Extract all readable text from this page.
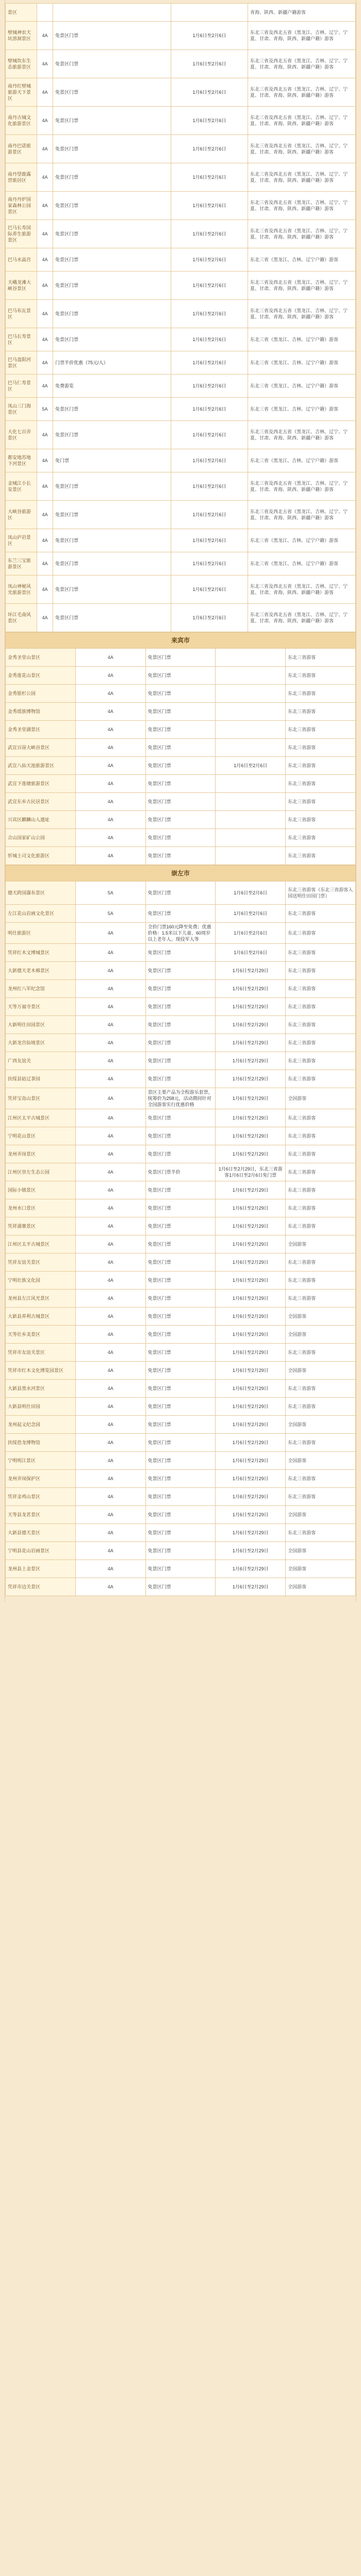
景区				青海、陕西、新疆户籍游客
壁城神农天坑溶洞景区	4A	免景区门票	1月6日至2月6日	东北三省及西北五省（黑龙江、吉林、辽宁、宁夏、甘肃、青海、陕西、新疆户籍）游客
壁城坎东生态旅游景区	4A	免景区门票	1月6日至2月6日	东北三省及西北五省（黑龙江、吉林、辽宁、宁夏、甘肃、青海、陕西、新疆户籍）游客
南丹红壁城旅游天下景区	4A	免景区门票	1月6日至2月6日	东北三省及西北五省（黑龙江、吉林、辽宁、宁夏、甘肃、青海、陕西、新疆户籍）游客
南丹古城文化旅游景区	4A	免景区门票	1月6日至2月6日	东北三省及西北五省（黑龙江、吉林、辽宁、宁夏、甘肃、青海、陕西、新疆户籍）游客
南丹巴诺旅游景区	4A	免景区门票	1月6日至2月6日	东北三省及西北五省（黑龙江、吉林、辽宁、宁夏、甘肃、青海、陕西、新疆户籍）游客
南丹望鹿露营旅居区	4A	免景区门票	1月6日至2月6日	东北三省及西北五省（黑龙江、吉林、辽宁、宁夏、甘肃、青海、陕西、新疆户籍）游客
南丹丹炉国家森林公园景区	4A	免景区门票	1月6日至2月6日	东北三省及西北五省（黑龙江、吉林、辽宁、宁夏、甘肃、青海、陕西、新疆户籍）游客
巴马长寿国际养生旅游景区	4A	免景区门票	1月6日至2月6日	东北三省及西北五省（黑龙江、吉林、辽宁、宁夏、甘肃、青海、陕西、新疆户籍）游客
巴马水晶宫	4A	免景区门票	1月6日至2月6日	东北三省（黑龙江、吉林、辽宁户籍）游客
天峨龙滩大峡谷景区	4A	免景区门票	1月6日至2月6日	东北三省及西北五省（黑龙江、吉林、辽宁、宁夏、甘肃、青海、陕西、新疆户籍）游客
巴马布瓦景区	4A	免景区门票	1月6日至2月6日	东北三省及西北五省（黑龙江、吉林、辽宁、宁夏、甘肃、青海、陕西、新疆户籍）游客
巴马长寿景区	4A	免景区门票	1月6日至2月6日	东北三省（黑龙江、吉林、辽宁户籍）游客
巴马盘阳河景区	4A	门票半价优惠（75元/人）	1月6日至2月6日	东北三省（黑龙江、吉林、辽宁户籍）游客
巴马仁寿景区	4A	免费游览	1月6日至2月6日	东北三省（黑龙江、吉林、辽宁户籍）游客
凤山三门海景区	5A	免景区门票	1月6日至2月6日	东北三省（黑龙江、吉林、辽宁户籍）游客
大化七百弄景区	4A	免景区门票	1月6日至2月6日	东北三省及西北五省（黑龙江、吉林、辽宁、宁夏、甘肃、青海、陕西、新疆户籍）游客
都安地苏地下河景区	4A	免门票	1月6日至2月6日	东北三省（黑龙江、吉林、辽宁户籍）游客
金城江小长安景区	4A	免景区门票	1月6日至2月6日	东北三省及西北五省（黑龙江、吉林、辽宁、宁夏、甘肃、青海、陕西、新疆户籍）游客
大峡谷旅游区	4A	免景区门票	1月6日至2月6日	东北三省及西北五省（黑龙江、吉林、辽宁、宁夏、甘肃、青海、陕西、新疆户籍）游客
凤山庐岩景区	4A	免景区门票	1月6日至2月6日	东北三省（黑龙江、吉林、辽宁户籍）游客
东兰三宝旅游景区	4A	免景区门票	1月6日至2月6日	东北三省（黑龙江、吉林、辽宁户籍）游客
凤山神秘风光旅游景区	4A	免景区门票	1月6日至2月6日	东北三省及西北五省（黑龙江、吉林、辽宁、宁夏、甘肃、青海、陕西、新疆户籍）游客
环江毛南风景区	4A	免景区门票	1月6日至2月6日	东北三省及西北五省（黑龙江、吉林、辽宁、宁夏、甘肃、青海、陕西、新疆户籍）游客
来宾市				
金秀圣堂山景区	4A	免景区门票		东北三省游客
金秀莲花山景区	4A	免景区门票		东北三省游客
金秀银杉公园	4A	免景区门票		东北三省游客
金秀瑶族博物馆	4A	免景区门票		东北三省游客
金秀圣堂湖景区	4A	免景区门票		东北三省游客
武宣百崖大峡谷景区	4A	免景区门票		东北三省游客
武宣八仙天池旅游景区	4A	免景区门票	1月6日至2月6日	东北三省游客
武宣下莲塘旅游景区	4A	免景区门票		东北三省游客
武宣东乡古民居景区	4A	免景区门票		东北三省游客
兴宾区麒麟山人遗址	4A	免景区门票		东北三省游客
合山国家矿山公园	4A	免景区门票		东北三省游客
忻城土司文化旅游区	4A	免景区门票		东北三省游客
崇左市				
德天跨国瀑布景区	5A	免景区门票	1月6日至2月6日	东北三省游客（东北三省游客入园送明仕田园门票）
左江花山岩画文化景区	5A	免景区门票	1月6日至2月6日	东北三省游客
明仕旅游区	4A	全价门票160元降至免费；优惠价格：1.5米以下儿童、60周岁以上老年人、现役军人等	1月6日至2月6日	东北三省游客
凭祥红木文博城景区	4A	免景区门票	1月6日至2月6日	东北三省游客
大新德天老木棉景区	4A	免景区门票	1月6日至2月29日	东北三省游客
龙州红八军纪念馆	4A	免景区门票	1月6日至2月29日	东北三省游客
天等万福寺景区	4A	免景区门票	1月6日至2月29日	东北三省游客
大新明仕田园景区	4A	免景区门票	1月6日至2月29日	东北三省游客
大新龙宫仙境景区	4A	免景区门票	1月6日至2月29日	东北三省游客
广西友谊关	4A	免景区门票	1月6日至2月29日	东北三省游客
扶绥县姑辽茶园	4A	免景区门票	1月6日至2月29日	东北三省游客
凭祥宝岛山景区	4A	景区主要产品为全程游乐套票，统筹价为258元，活动期间针对全国游客实行优惠价格	1月6日至2月29日	全国游客
江州区太平古城景区	4A	免景区门票	1月6日至2月29日	东北三省游客
宁明花山景区	4A	免景区门票	1月6日至2月29日	东北三省游客
龙州弄岗景区	4A	免景区门票	1月6日至2月29日	东北三省游客
江州区崇左生态公园	4A	免景区门票半价	1月6日至2月29日，东北三省游客1月6日至2月6日免门票	东北三省游客
国际小镇景区	4A	免景区门票	1月6日至2月29日	东北三省游客
龙州水口景区	4A	免景区门票	1月6日至2月29日	东北三省游客
凭祥浦寨景区	4A	免景区门票	1月6日至2月29日	东北三省游客
江州区太平古城景区	4A	免景区门票	1月6日至2月29日	全国游客
凭祥友谊关景区	4A	免景区门票	1月6日至2月29日	东北三省游客
宁明壮族文化园	4A	免景区门票	1月6日至2月29日	东北三省游客
龙州县左江风光景区	4A	免景区门票	1月6日至2月29日	东北三省游客
大新县养利古城景区	4A	免景区门票	1月6日至2月29日	全国游客
天等壮乡美景区	4A	免景区门票	1月6日至2月29日	全国游客
凭祥市友谊关景区	4A	免景区门票	1月6日至2月29日	东北三省游客
凭祥市红木文化博览园景区	4A	免景区门票	1月6日至2月29日	全国游客
大新县黑水河景区	4A	免景区门票	1月6日至2月29日	东北三省游客
大新县明仕田园	4A	免景区门票	1月6日至2月29日	东北三省游客
龙州起义纪念园	4A	免景区门票	1月6日至2月29日	全国游客
扶绥恐龙博物馆	4A	免景区门票	1月6日至2月29日	东北三省游客
宁明明江景区	4A	免景区门票	1月6日至2月29日	全国游客
龙州弄岗保护区	4A	免景区门票	1月6日至2月29日	东北三省游客
凭祥金鸡山景区	4A	免景区门票	1月6日至2月29日	东北三省游客
天等县龙茗景区	4A	免景区门票	1月6日至2月29日	全国游客
大新县德天景区	4A	免景区门票	1月6日至2月29日	东北三省游客
宁明县花山岩画景区	4A	免景区门票	1月6日至2月29日	全国游客
龙州县上金景区	4A	免景区门票	1月6日至2月29日	全国游客
凭祥市边关景区	4A	免景区门票	1月6日至2月29日	全国游客
